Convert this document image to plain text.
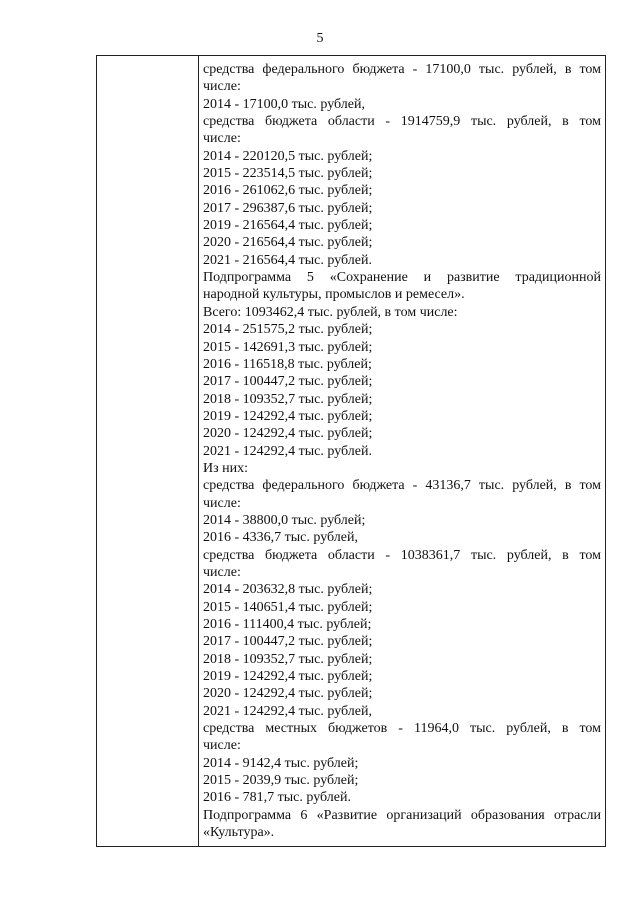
5
средства федерального бюджета - 17100,0 тыс. рублей, в том
числе:
2014 - 17100,0 тыс. рублей,
средства бюджета области - 1914759,9 тыс. рублей, в том
числе:
2014 - 220120,5 тыс. рублей;
2015 - 223514,5 тыс. рублей;
2016 - 261062,6 тыс. рублей;
2017 - 296387,6 тыс. рублей;
2019 - 216564,4 тыс. рублей;
2020 - 216564,4 тыс. рублей;
2021 - 216564,4 тыс. рублей.
Подпрограмма 5 «Сохранение и развитие традиционной
народной культуры, промыслов и ремесел».
Всего: 1093462,4 тыс. рублей, в том числе:
2014 - 251575,2 тыс. рублей;
2015 - 142691,3 тыс. рублей;
2016 - 116518,8 тыс. рублей;
2017 - 100447,2 тыс. рублей;
2018 - 109352,7 тыс. рублей;
2019 - 124292,4 тыс. рублей;
2020 - 124292,4 тыс. рублей;
2021 - 124292,4 тыс. рублей.
Из них:
средства федерального бюджета - 43136,7 тыс. рублей, в том
числе:
2014 - 38800,0 тыс. рублей;
2016 - 4336,7 тыс. рублей,
средства бюджета области - 1038361,7 тыс. рублей, в том
числе:
2014 - 203632,8 тыс. рублей;
2015 - 140651,4 тыс. рублей;
2016 - 111400,4 тыс. рублей;
2017 - 100447,2 тыс. рублей;
2018 - 109352,7 тыс. рублей;
2019 - 124292,4 тыс. рублей;
2020 - 124292,4 тыс. рублей;
2021 - 124292,4 тыс. рублей,
средства местных бюджетов - 11964,0 тыс. рублей, в том
числе:
2014 - 9142,4 тыс. рублей;
2015 - 2039,9 тыс. рублей;
2016 - 781,7 тыс. рублей.
Подпрограмма 6 «Развитие организаций образования отрасли
«Культура».
